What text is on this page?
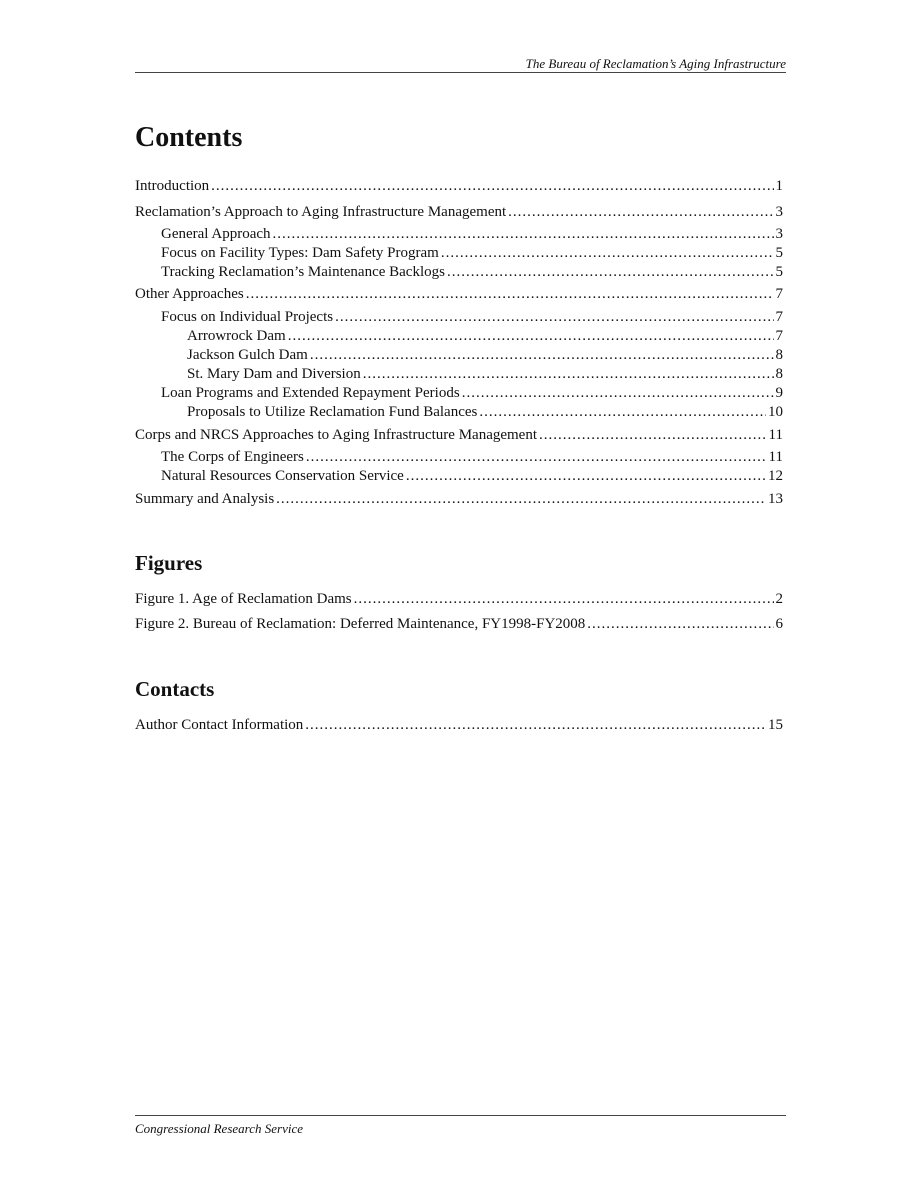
The Bureau of Reclamation’s Aging Infrastructure
Contents
Introduction .....	1
Reclamation’s Approach to Aging Infrastructure Management .....	3
General Approach .....	3
Focus on Facility Types: Dam Safety Program .....	5
Tracking Reclamation’s Maintenance Backlogs .....	5
Other Approaches .....	7
Focus on Individual Projects .....	7
Arrowrock Dam .....	7
Jackson Gulch Dam .....	8
St. Mary Dam and Diversion .....	8
Loan Programs and Extended Repayment Periods .....	9
Proposals to Utilize Reclamation Fund Balances .....	10
Corps and NRCS Approaches to Aging Infrastructure Management .....	11
The Corps of Engineers .....	11
Natural Resources Conservation Service .....	12
Summary and Analysis .....	13
Figures
Figure 1. Age of Reclamation Dams .....	2
Figure 2. Bureau of Reclamation: Deferred Maintenance, FY1998-FY2008 .....	6
Contacts
Author Contact Information .....	15
Congressional Research Service
